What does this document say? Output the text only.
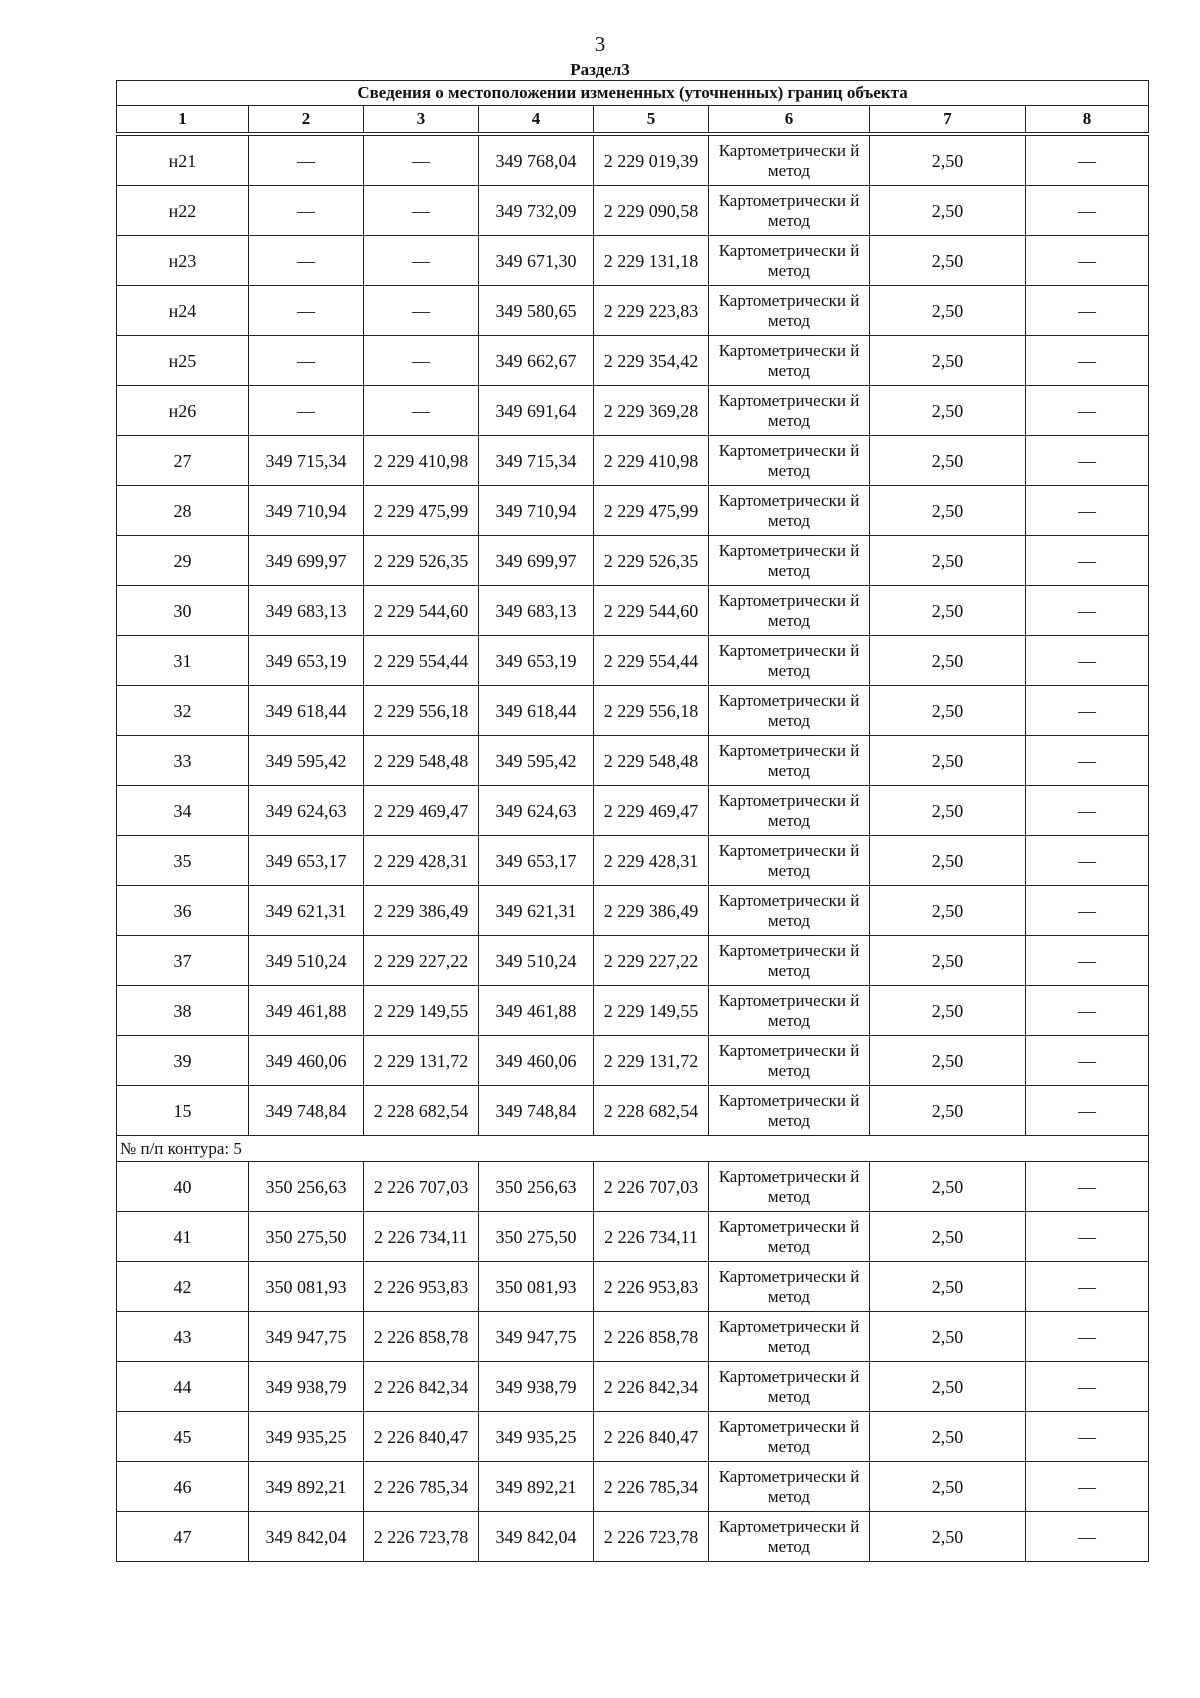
3
Раздел3
Сведения о местоположении измененных (уточненных) границ объекта							
1	2	3	4	5	6	7	8

н21	—	—	349 768,04	2 229 019,39	Картометрически й метод	2,50	—
н22	—	—	349 732,09	2 229 090,58	Картометрически й метод	2,50	—
н23	—	—	349 671,30	2 229 131,18	Картометрически й метод	2,50	—
н24	—	—	349 580,65	2 229 223,83	Картометрически й метод	2,50	—
н25	—	—	349 662,67	2 229 354,42	Картометрически й метод	2,50	—
н26	—	—	349 691,64	2 229 369,28	Картометрически й метод	2,50	—
27	349 715,34	2 229 410,98	349 715,34	2 229 410,98	Картометрически й метод	2,50	—
28	349 710,94	2 229 475,99	349 710,94	2 229 475,99	Картометрически й метод	2,50	—
29	349 699,97	2 229 526,35	349 699,97	2 229 526,35	Картометрически й метод	2,50	—
30	349 683,13	2 229 544,60	349 683,13	2 229 544,60	Картометрически й метод	2,50	—
31	349 653,19	2 229 554,44	349 653,19	2 229 554,44	Картометрически й метод	2,50	—
32	349 618,44	2 229 556,18	349 618,44	2 229 556,18	Картометрически й метод	2,50	—
33	349 595,42	2 229 548,48	349 595,42	2 229 548,48	Картометрически й метод	2,50	—
34	349 624,63	2 229 469,47	349 624,63	2 229 469,47	Картометрически й метод	2,50	—
35	349 653,17	2 229 428,31	349 653,17	2 229 428,31	Картометрически й метод	2,50	—
36	349 621,31	2 229 386,49	349 621,31	2 229 386,49	Картометрически й метод	2,50	—
37	349 510,24	2 229 227,22	349 510,24	2 229 227,22	Картометрически й метод	2,50	—
38	349 461,88	2 229 149,55	349 461,88	2 229 149,55	Картометрически й метод	2,50	—
39	349 460,06	2 229 131,72	349 460,06	2 229 131,72	Картометрически й метод	2,50	—
15	349 748,84	2 228 682,54	349 748,84	2 228 682,54	Картометрически й метод	2,50	—
№ п/п контура: 5							
40	350 256,63	2 226 707,03	350 256,63	2 226 707,03	Картометрически й метод	2,50	—
41	350 275,50	2 226 734,11	350 275,50	2 226 734,11	Картометрически й метод	2,50	—
42	350 081,93	2 226 953,83	350 081,93	2 226 953,83	Картометрически й метод	2,50	—
43	349 947,75	2 226 858,78	349 947,75	2 226 858,78	Картометрически й метод	2,50	—
44	349 938,79	2 226 842,34	349 938,79	2 226 842,34	Картометрически й метод	2,50	—
45	349 935,25	2 226 840,47	349 935,25	2 226 840,47	Картометрически й метод	2,50	—
46	349 892,21	2 226 785,34	349 892,21	2 226 785,34	Картометрически й метод	2,50	—
47	349 842,04	2 226 723,78	349 842,04	2 226 723,78	Картометрически й метод	2,50	—
